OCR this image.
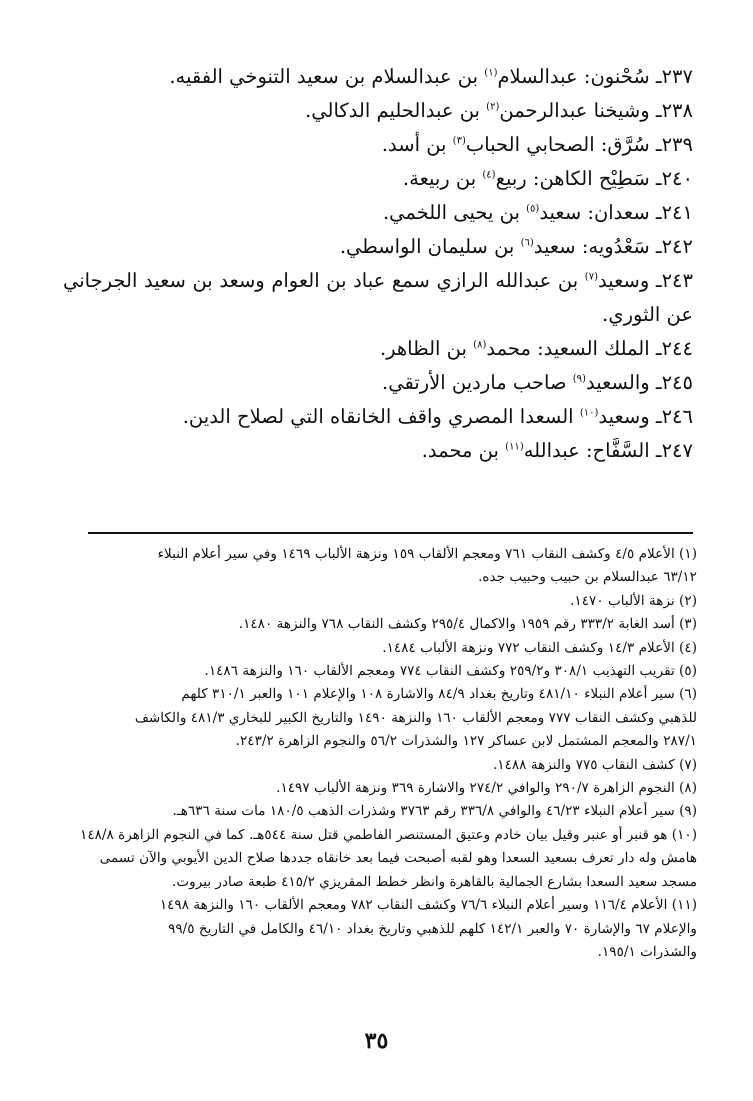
٢٣٧ـ سُحْنون: عبدالسلام$^{(١)}$ بن عبدالسلام بن سعيد التنوخي الفقيه.

٢٣٨ـ وشيخنا عبدالرحمن$^{(٢)}$ بن عبدالحليم الدكالي.

٢٣٩ـ سُرَّق: الصحابي الحباب$^{(٣)}$ بن أسد.

٢٤٠ـ سَطِيْح الكاهن: ربيع$^{(٤)}$ بن ربيعة.

٢٤١ـ سعدان: سعيد$^{(٥)}$ بن يحيى اللخمي.

٢٤٢ـ سَعْدُويه: سعيد$^{(٦)}$ بن سليمان الواسطي.

٢٤٣ـ وسعيد$^{(٧)}$ بن عبدالله الرازي سمع عباد بن العوام وسعد بن سعيد الجرجاني عن الثوري.

٢٤٤ـ الملك السعيد: محمد$^{(٨)}$ بن الظاهر.

٢٤٥ـ والسعيد$^{(٩)}$ صاحب ماردين الأرتقي.

٢٤٦ـ وسعيد$^{(١٠)}$ السعدا المصري واقف الخانقاه التي لصلاح الدين.

٢٤٧ـ السَّفَّاح: عبدالله$^{(١١)}$ بن محمد.

(١) الأعلام ٤/٥ وكشف النقاب ٧٦١ ومعجم الألقاب ١٥٩ ونزهة الألباب ١٤٦٩ وفي سير أعلام النبلاء

٦٣/١٢ عبدالسلام بن حبيب وحبيب جده.

(٢) نزهة الألباب ١٤٧٠.

(٣) أسد الغابة ٣٣٣/٢ رقم ١٩٥٩ والاكمال ٢٩٥/٤ وكشف النقاب ٧٦٨ والنزهة ١٤٨٠.

(٤) الأعلام ١٤/٣ وكشف النقاب ٧٧٢ ونزهة الألباب ١٤٨٤.

(٥) تقريب التهذيب ٣٠٨/١ و٢٥٩/٢ وكشف النقاب ٧٧٤ ومعجم الألقاب ١٦٠ والنزهة ١٤٨٦.

(٦) سير أعلام النبلاء ٤٨١/١٠ وتاريخ بغداد ٨٤/٩ والاشارة ١٠٨ والإعلام ١٠١ والعبر ٣١٠/١ كلهم

للذهبي وكشف النقاب ٧٧٧ ومعجم الألقاب ١٦٠ والنزهة ١٤٩٠ والتاريخ الكبير للبخاري ٤٨١/٣ والكاشف

٢٨٧/١ والمعجم المشتمل لابن عساكر ١٢٧ والشذرات ٥٦/٢ والنجوم الزاهرة ٢٤٣/٢.

(٧) كشف النقاب ٧٧٥ والنزهة ١٤٨٨.

(٨) النجوم الزاهرة ٢٩٠/٧ والوافي ٢٧٤/٢ والاشارة ٣٦٩ ونزهة الألباب ١٤٩٧.

(٩) سير أعلام النبلاء ٤٦/٢٣ والوافي ٣٣٦/٨ رقم ٣٧٦٣ وشذرات الذهب ١٨٠/٥ مات سنة ٦٣٦هـ.

(١٠) هو قنبر أو عنبر وقيل بيان خادم وعتيق المستنصر الفاطمي قتل سنة ٥٤٤هـ. كما في النجوم الزاهرة ١٤٨/٨

هامش وله دار تعرف بسعيد السعدا وهو لقبه أصبحت فيما بعد خانقاه جددها صلاح الدين الأيوبي والآن تسمى

مسجد سعيد السعدا بشارع الجمالية بالقاهرة وانظر خطط المقريزي ٤١٥/٢ طبعة صادر بيروت.

(١١) الأعلام ١١٦/٤ وسير أعلام النبلاء ٧٦/٦ وكشف النقاب ٧٨٢ ومعجم الألقاب ١٦٠ والنزهة ١٤٩٨

والإعلام ٦٧ والإشارة ٧٠ والعبر ١٤٢/١ كلهم للذهبي وتاريخ بغداد ٤٦/١٠ والكامل في التاريخ ٩٩/٥

والشذرات ١٩٥/١.

٣٥
